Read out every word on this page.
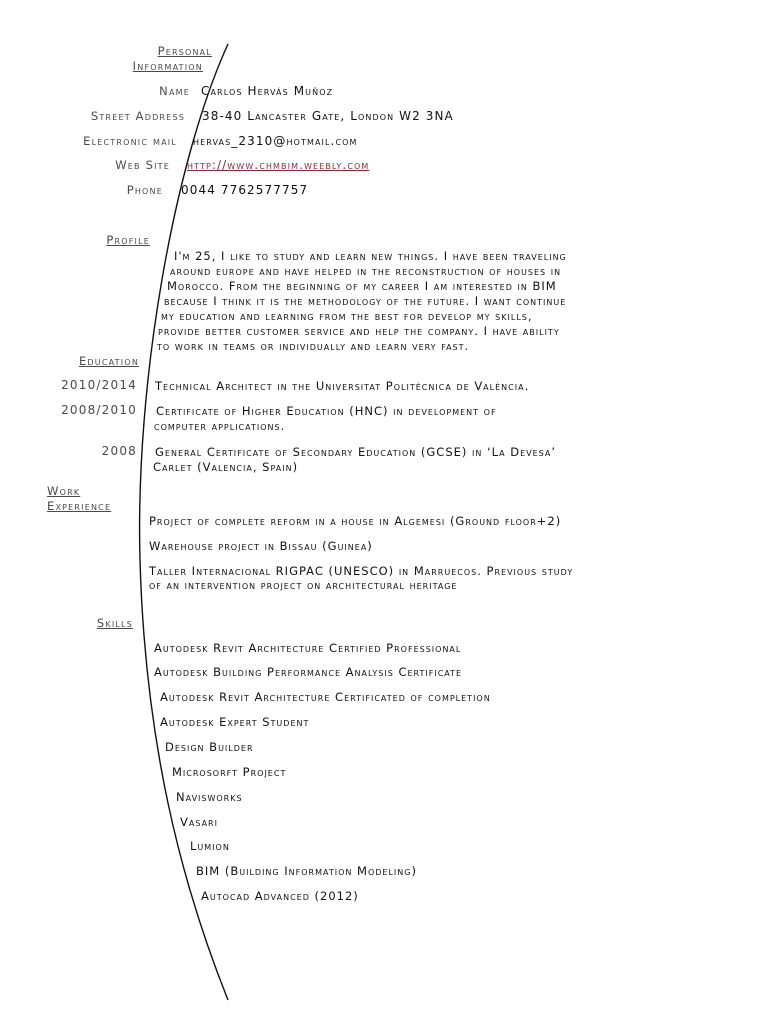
Personal
Information
Name Carlos Hervás Muñoz
Street Address 38-40 Lancaster Gate, London W2 3NA
Electronic mail hervas_2310@hotmail.com
Web Site http://www.chmbim.weebly.com
Phone 0044 7762577757
Profile
I'm 25, I like to study and learn new things. I have been traveling
around europe and have helped in the reconstruction of houses in
Morocco. From the beginning of my career I am interested in BIM
because I think it is the methodology of the future. I want continue
my education and learning from the best for develop my skills,
provide better customer service and help the company. I have ability
to work in teams or individually and learn very fast.
Education
2010/2014 Technical Architect in the Universitat Politécnica de València.
2008/2010 Certificate of Higher Education (HNC) in development of
computer applications.
2008 General Certificate of Secondary Education (GCSE) in ‘La Devesa’
Carlet (Valencia, Spain)
Work
Experience
Project of complete reform in a house in Algemesi (Ground floor+2)
Warehouse project in Bissau (Guinea)
Taller Internacional RIGPAC (UNESCO) in Marruecos. Previous study
of an intervention project on architectural heritage
Skills
Autodesk Revit Architecture Certified Professional
Autodesk Building Performance Analysis Certificate
Autodesk Revit Architecture Certificated of completion
Autodesk Expert Student
Design Builder
Microsorft Project
Navisworks
Vasari
Lumion
BIM (Building Information Modeling)
Autocad Advanced (2012)
